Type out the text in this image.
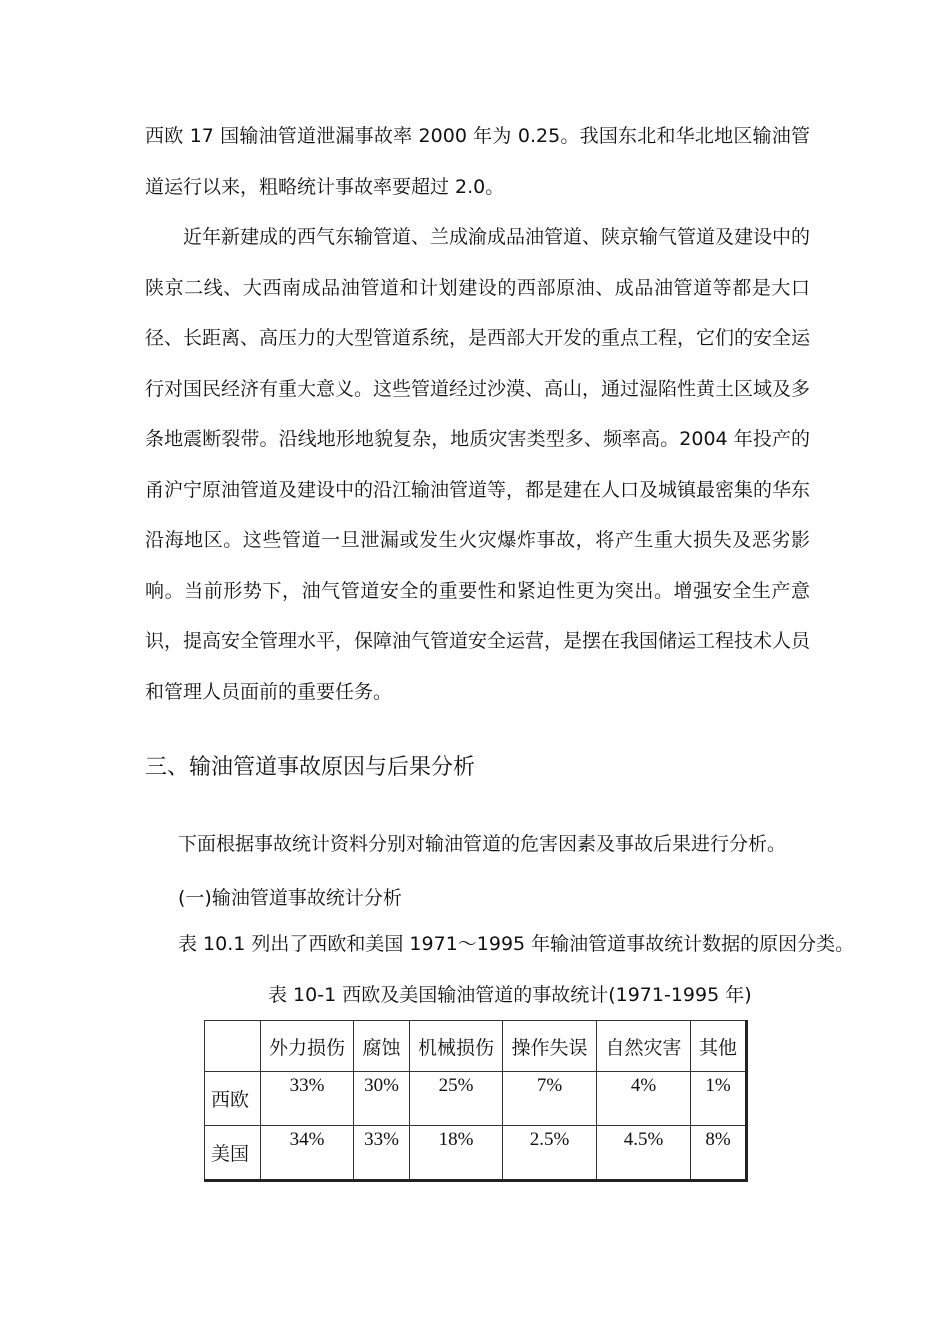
西欧 17 国输油管道泄漏事故率 2000 年为 0.25。我国东北和华北地区输油管道运行以来，粗略统计事故率要超过 2.0。

近年新建成的西气东输管道、兰成渝成品油管道、陕京输气管道及建设中的陕京二线、大西南成品油管道和计划建设的西部原油、成品油管道等都是大口径、长距离、高压力的大型管道系统，是西部大开发的重点工程，它们的安全运行对国民经济有重大意义。这些管道经过沙漠、高山，通过湿陷性黄土区域及多条地震断裂带。沿线地形地貌复杂，地质灾害类型多、频率高。2004 年投产的甬沪宁原油管道及建设中的沿江输油管道等，都是建在人口及城镇最密集的华东沿海地区。这些管道一旦泄漏或发生火灾爆炸事故，将产生重大损失及恶劣影响。当前形势下，油气管道安全的重要性和紧迫性更为突出。增强安全生产意识，提高安全管理水平，保障油气管道安全运营，是摆在我国储运工程技术人员和管理人员面前的重要任务。

三、输油管道事故原因与后果分析

下面根据事故统计资料分别对输油管道的危害因素及事故后果进行分析。

(一)输油管道事故统计分析

表 10.1 列出了西欧和美国 1971～1995 年输油管道事故统计数据的原因分类。

表 10-1 西欧及美国输油管道的事故统计(1971-1995 年)

	外力损伤	腐蚀	机械损伤	操作失误	自然灾害	其他
西欧	33%	30%	25%	7%	4%	1%
美国	34%	33%	18%	2.5%	4.5%	8%
